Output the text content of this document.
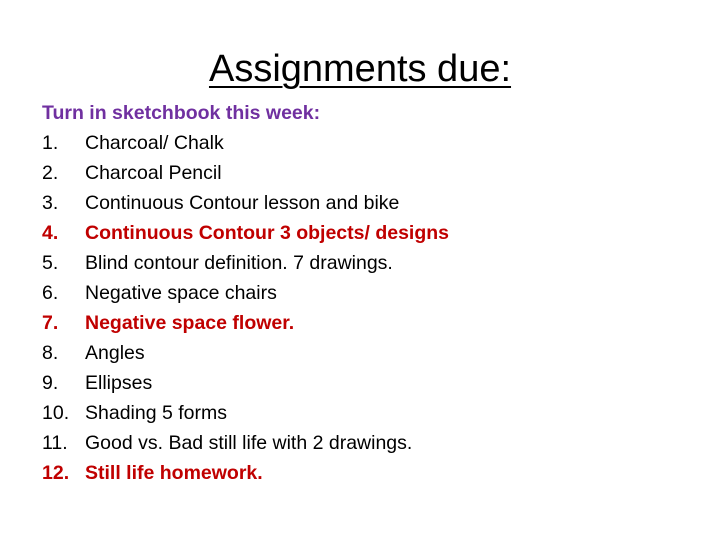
Assignments due:
Turn in sketchbook this week:
1. Charcoal/ Chalk
2. Charcoal Pencil
3. Continuous Contour lesson and bike
4. Continuous Contour 3 objects/ designs
5. Blind contour definition. 7 drawings.
6. Negative space chairs
7. Negative space flower.
8. Angles
9. Ellipses
10. Shading 5 forms
11. Good vs. Bad still life with 2 drawings.
12. Still life homework.
